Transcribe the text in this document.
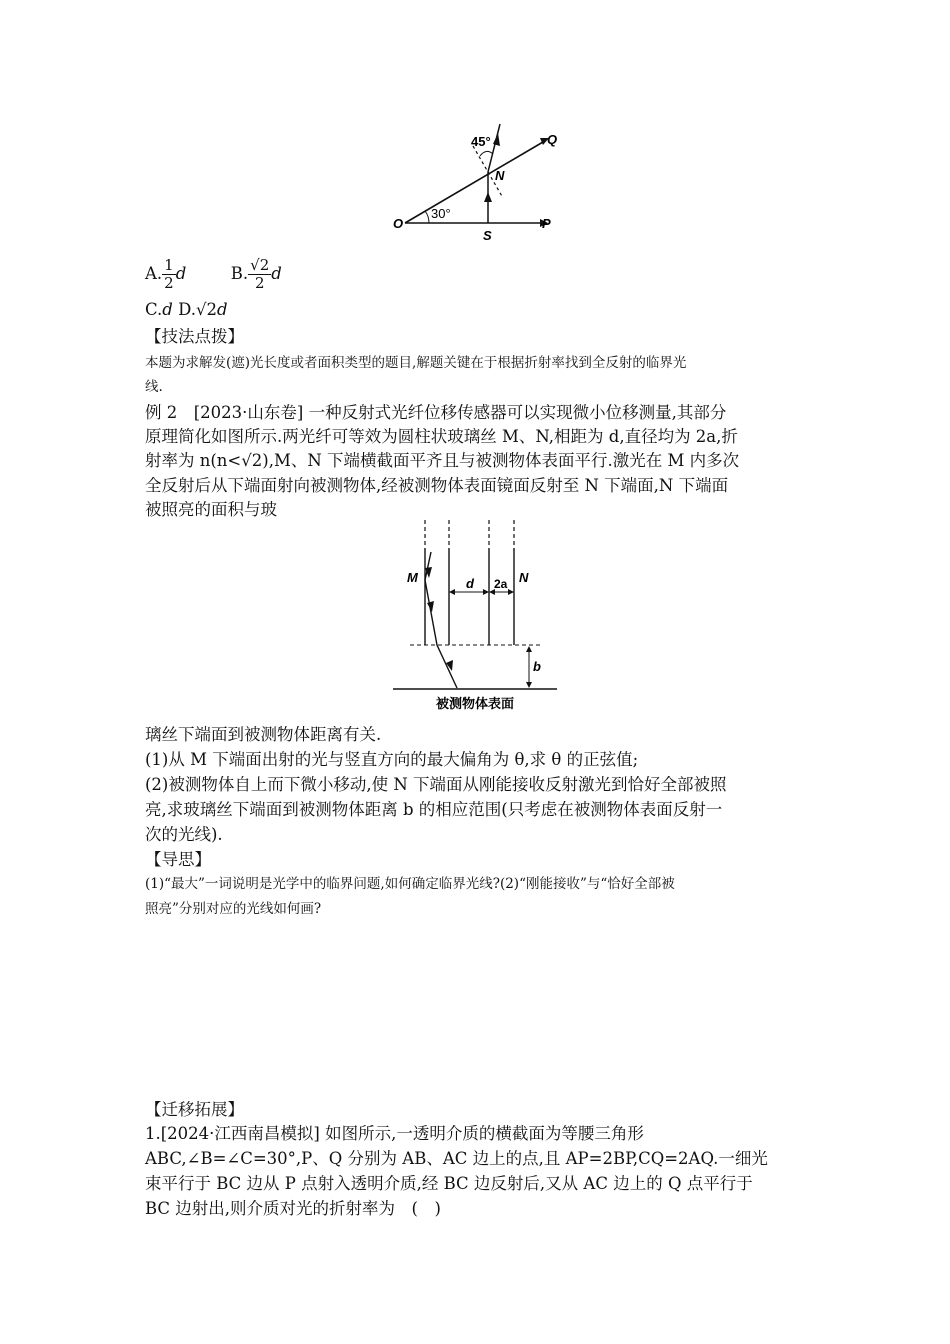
45°	Q
N
O
30°
S
P
A. $\frac{1}{2}$ d	B. $\frac{√2}{2}$ d
C.d D.√2d
【技法点拨】
本题为求解发(遮)光长度或者面积类型的题目,解题关键在于根据折射率找到全反射的临界光
线.
例 2　[2023·山东卷] 一种反射式光纤位移传感器可以实现微小位移测量,其部分
原理简化如图所示.两光纤可等效为圆柱状玻璃丝 M、N,相距为 d,直径均为 2a,折
射率为 n(n<√2),M、N 下端横截面平齐且与被测物体表面平行.激光在 M 内多次
全反射后从下端面射向被测物体,经被测物体表面镜面反射至 N 下端面,N 下端面
被照亮的面积与玻
M	N
d 2a
b
被测物体表面
璃丝下端面到被测物体距离有关.
(1)从 M 下端面出射的光与竖直方向的最大偏角为 θ,求 θ 的正弦值;
(2)被测物体自上而下微小移动,使 N 下端面从刚能接收反射激光到恰好全部被照
亮,求玻璃丝下端面到被测物体距离 b 的相应范围(只考虑在被测物体表面反射一
次的光线).
【导思】
(1)“最大”一词说明是光学中的临界问题,如何确定临界光线?(2)“刚能接收”与“恰好全部被
照亮”分别对应的光线如何画?
【迁移拓展】
1.[2024·江西南昌模拟] 如图所示,一透明介质的横截面为等腰三角形
ABC,∠B=∠C=30°,P、Q 分别为 AB、AC 边上的点,且 AP=2BP,CQ=2AQ.一细光
束平行于 BC 边从 P 点射入透明介质,经 BC 边反射后,又从 AC 边上的 Q 点平行于
BC 边射出,则介质对光的折射率为　(　)
